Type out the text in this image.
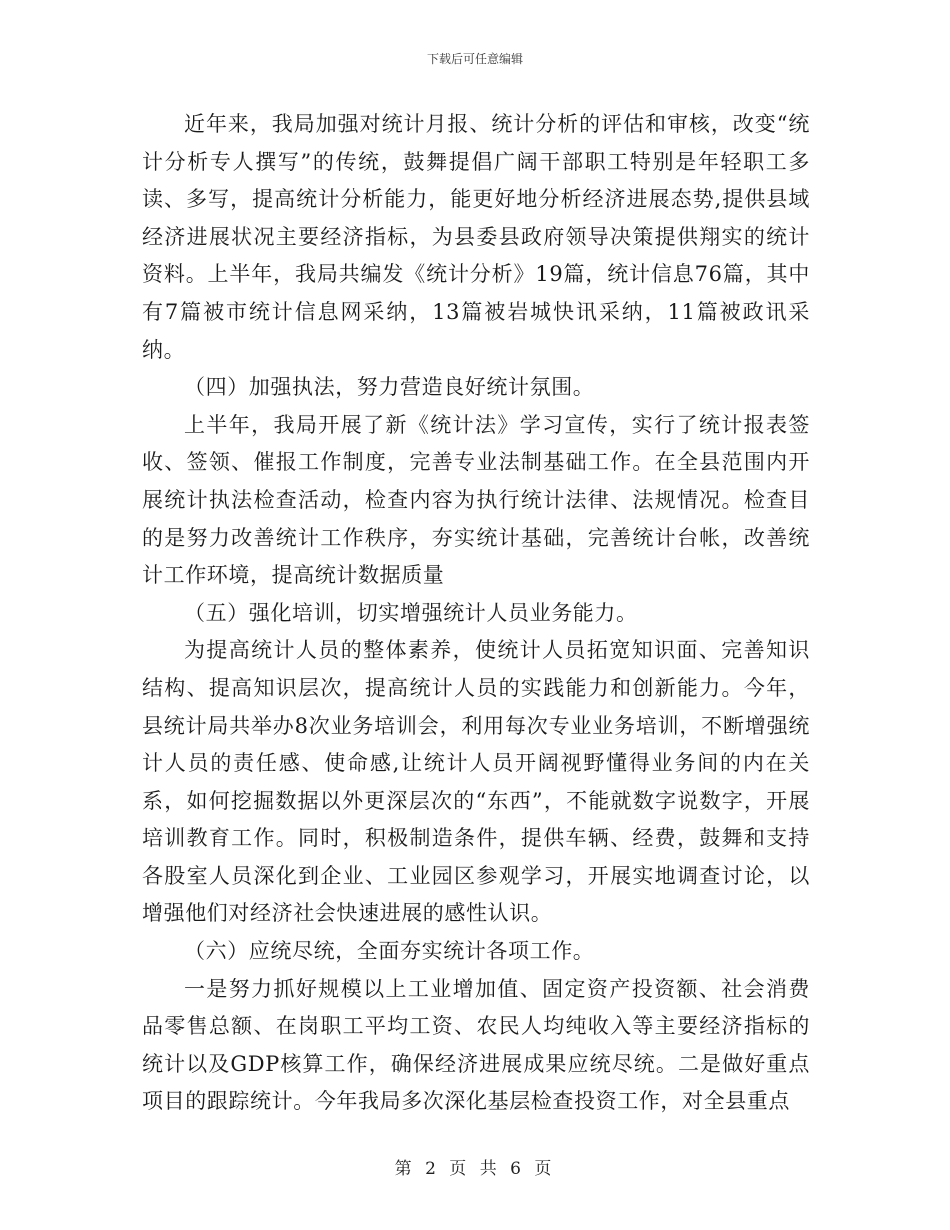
下载后可任意编辑

近年来，我局加强对统计月报、统计分析的评估和审核，改变“统计分析专人撰写”的传统，鼓舞提倡广阔干部职工特别是年轻职工多读、多写，提高统计分析能力，能更好地分析经济进展态势,提供县域经济进展状况主要经济指标，为县委县政府领导决策提供翔实的统计资料。上半年，我局共编发《统计分析》19篇，统计信息76篇，其中有7篇被市统计信息网采纳，13篇被岩城快讯采纳，11篇被政讯采纳。

（四）加强执法，努力营造良好统计氛围。

上半年，我局开展了新《统计法》学习宣传，实行了统计报表签收、签领、催报工作制度，完善专业法制基础工作。在全县范围内开展统计执法检查活动，检查内容为执行统计法律、法规情况。检查目的是努力改善统计工作秩序，夯实统计基础，完善统计台帐，改善统计工作环境，提高统计数据质量

（五）强化培训，切实增强统计人员业务能力。

为提高统计人员的整体素养，使统计人员拓宽知识面、完善知识结构、提高知识层次，提高统计人员的实践能力和创新能力。今年，县统计局共举办8次业务培训会，利用每次专业业务培训，不断增强统计人员的责任感、使命感,让统计人员开阔视野懂得业务间的内在关系，如何挖掘数据以外更深层次的“东西”，不能就数字说数字，开展培训教育工作。同时，积极制造条件，提供车辆、经费，鼓舞和支持各股室人员深化到企业、工业园区参观学习，开展实地调查讨论，以增强他们对经济社会快速进展的感性认识。

（六）应统尽统，全面夯实统计各项工作。

一是努力抓好规模以上工业增加值、固定资产投资额、社会消费品零售总额、在岗职工平均工资、农民人均纯收入等主要经济指标的统计以及GDP核算工作，确保经济进展成果应统尽统。二是做好重点项目的跟踪统计。今年我局多次深化基层检查投资工作，对全县重点

第 2 页 共 6 页
